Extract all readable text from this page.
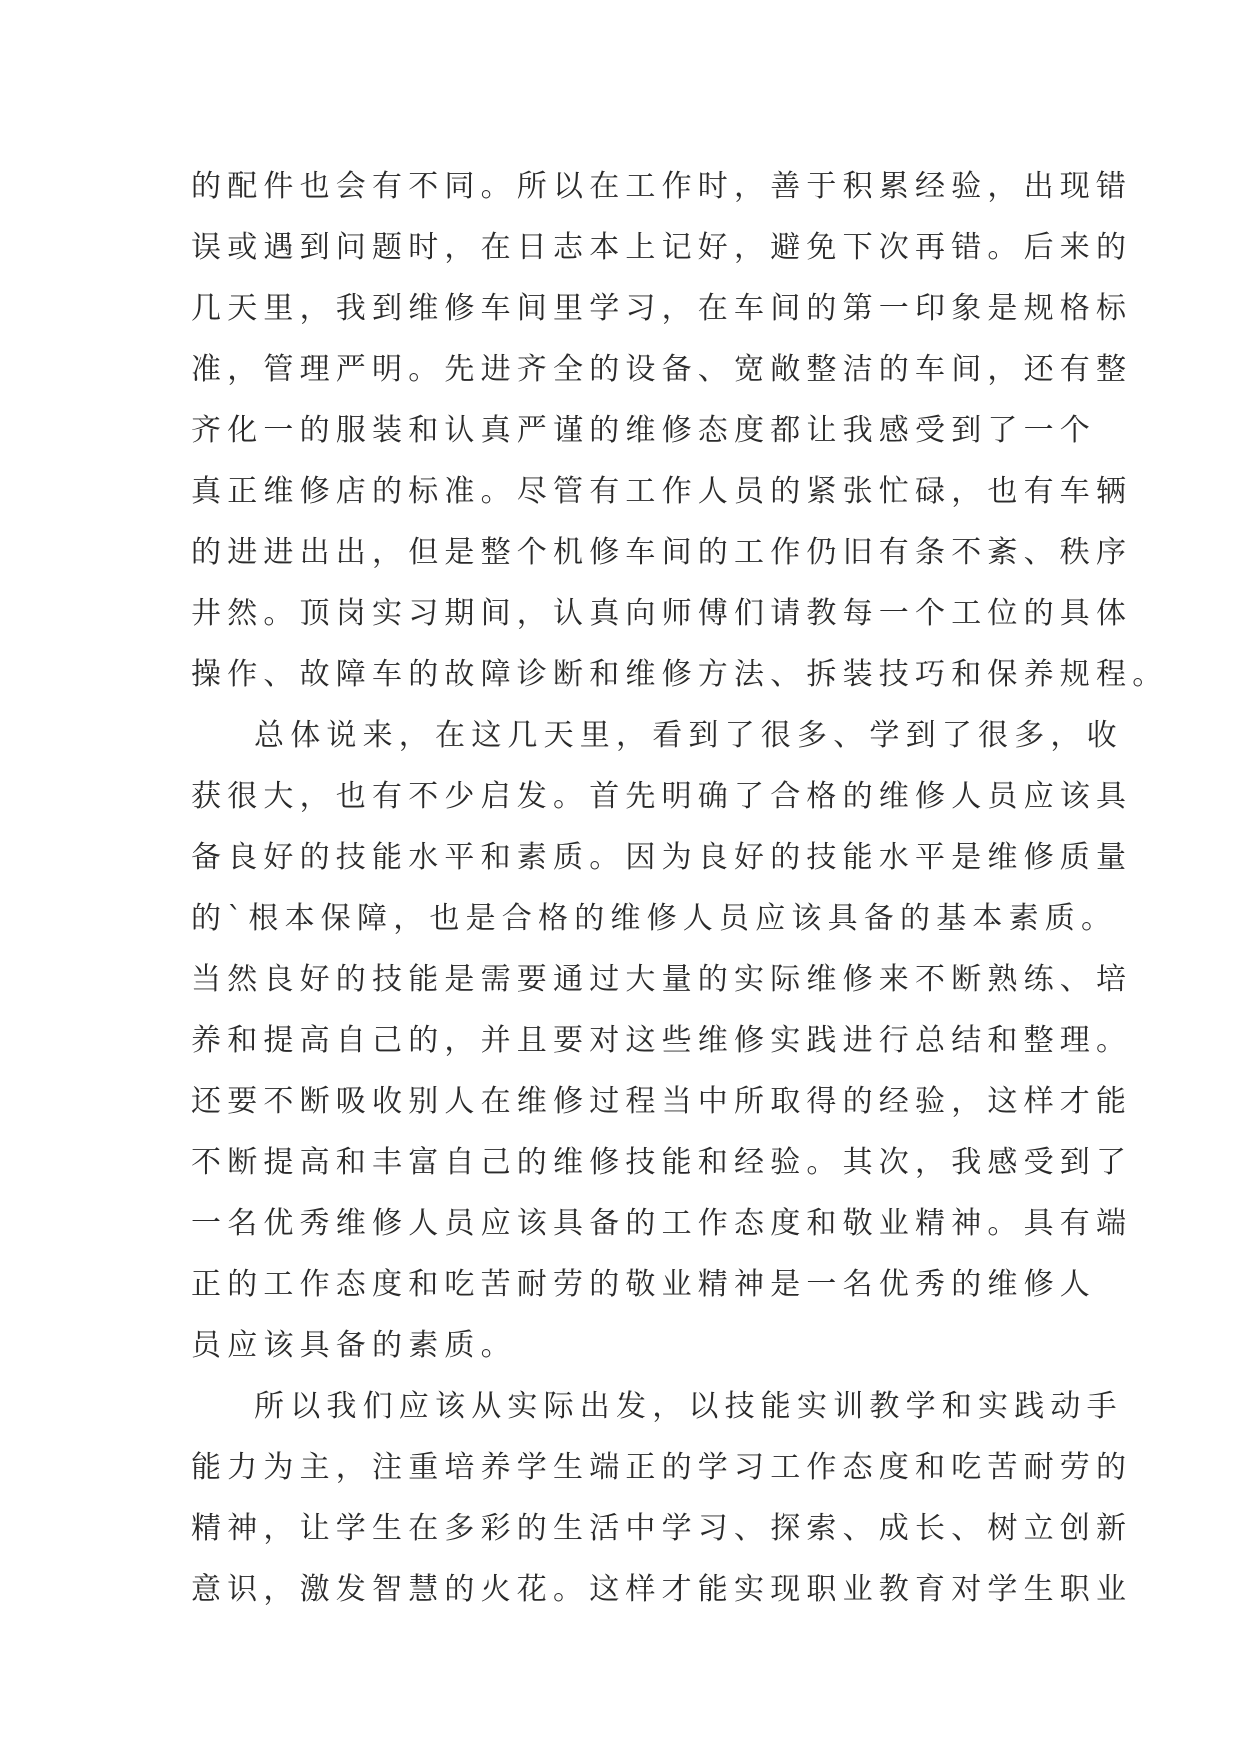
的配件也会有不同。所以在工作时，善于积累经验，出现错
误或遇到问题时，在日志本上记好，避免下次再错。后来的
几天里，我到维修车间里学习，在车间的第一印象是规格标
准，管理严明。先进齐全的设备、宽敞整洁的车间，还有整
齐化一的服装和认真严谨的维修态度都让我感受到了一个
真正维修店的标准。尽管有工作人员的紧张忙碌，也有车辆
的进进出出，但是整个机修车间的工作仍旧有条不紊、秩序
井然。顶岗实习期间，认真向师傅们请教每一个工位的具体
操作、故障车的故障诊断和维修方法、拆装技巧和保养规程。
总体说来，在这几天里，看到了很多、学到了很多，收
获很大，也有不少启发。首先明确了合格的维修人员应该具
备良好的技能水平和素质。因为良好的技能水平是维修质量
的`根本保障，也是合格的维修人员应该具备的基本素质。
当然良好的技能是需要通过大量的实际维修来不断熟练、培
养和提高自己的，并且要对这些维修实践进行总结和整理。
还要不断吸收别人在维修过程当中所取得的经验，这样才能
不断提高和丰富自己的维修技能和经验。其次，我感受到了
一名优秀维修人员应该具备的工作态度和敬业精神。具有端
正的工作态度和吃苦耐劳的敬业精神是一名优秀的维修人
员应该具备的素质。
所以我们应该从实际出发，以技能实训教学和实践动手
能力为主，注重培养学生端正的学习工作态度和吃苦耐劳的
精神，让学生在多彩的生活中学习、探索、成长、树立创新
意识，激发智慧的火花。这样才能实现职业教育对学生职业
